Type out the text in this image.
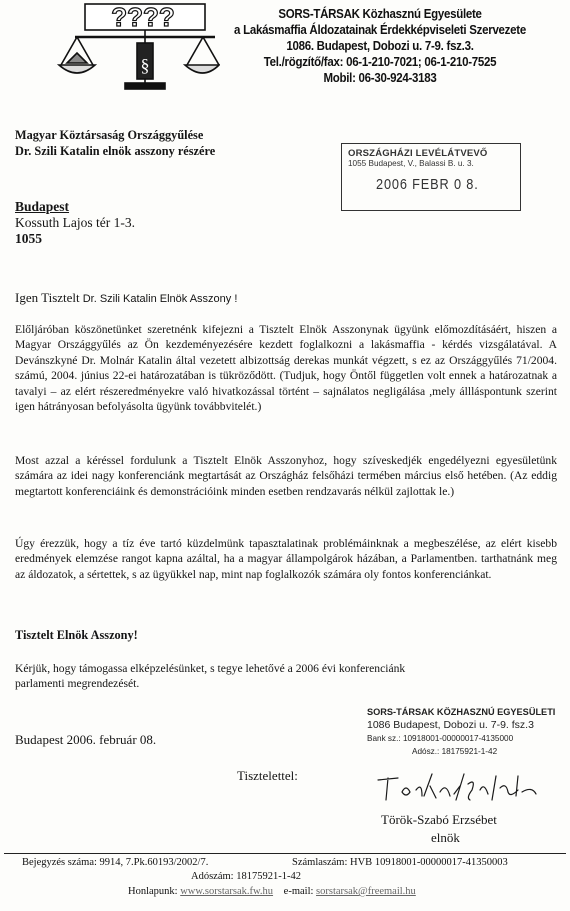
????
§
SORS-TÁRSAK Közhasznú Egyesülete
a Lakásmaffia Áldozatainak Érdekképviseleti Szervezete
1086. Budapest, Dobozi u. 7-9. fsz.3.
Tel./rögzítő/fax: 06-1-210-7021; 06-1-210-7525
Mobil: 06-30-924-3183
Magyar Köztársaság Országgyűlése
Dr. Szili Katalin elnök asszony részére	ORSZÁGHÁZI LEVÉLÁTVEVŐ
1055 Budapest, V., Balassi B. u. 3.
2006 FEBR 0 8.
Budapest
Kossuth Lajos tér 1-3.
1055
Igen Tisztelt Dr. Szili Katalin Elnök Asszony !
Előljáróban köszönetünket szeretnénk kifejezni a Tisztelt Elnök Asszonynak ügyünk előmozdításáért, hiszen a Magyar Országgyűlés az Ön kezdeményezésére kezdett foglalkozni a lakásmaffia - kérdés vizsgálatával. A Devánszkyné Dr. Molnár Katalin által vezetett albizottság derekas munkát végzett, s ez az Országgyűlés 71/2004. számú, 2004. június 22-ei határozatában is tükröződött. (Tudjuk, hogy Öntől független volt ennek a határozatnak a tavalyi – az elért részeredményekre való hivatkozással történt – sajnálatos negligálása ,mely állláspontunk szerint igen hátrányosan befolyásolta ügyünk továbbvitelét.)
Most azzal a kéréssel fordulunk a Tisztelt Elnök Asszonyhoz, hogy szíveskedjék engedélyezni egyesületünk számára az idei nagy konferenciánk megtartását az Országház felsőházi termében március első hetében. (Az eddig megtartott konferenciáink és demonstrációink minden esetben rendzavarás nélkül zajlottak le.)
Úgy érezzük, hogy a tíz éve tartó küzdelmünk tapasztalatinak problémáinknak a megbeszélése, az elért kisebb eredmények elemzése rangot kapna azáltal, ha a magyar állampolgárok házában, a Parlamentben. tarthatnánk meg az áldozatok, a sértettek, s az ügyükkel nap, mint nap foglalkozók számára oly fontos konferenciánkat.
Tisztelt Elnök Asszony!
Kérjük, hogy támogassa elképzelésünket, s tegye lehetővé a 2006 évi konferenciánk parlamenti megrendezését.
Budapest 2006. február 08.
Tisztelettel:
SORS-TÁRSAK KÖZHASZNÚ EGYESÜLETI
1086 Budapest, Dobozi u. 7-9. fsz.3
Bank sz.: 10918001-00000017-4135000
Adósz.: 18175921-1-42
Török-Szabó Erzsébet
elnök
Bejegyzés száma: 9914, 7.Pk.60193/2002/7.	Számlaszám: HVB 10918001-00000017-41350003
Adószám: 18175921-1-42
Honlapunk: www.sorstarsak.fw.hu e-mail: sorstarsak@freemail.hu
